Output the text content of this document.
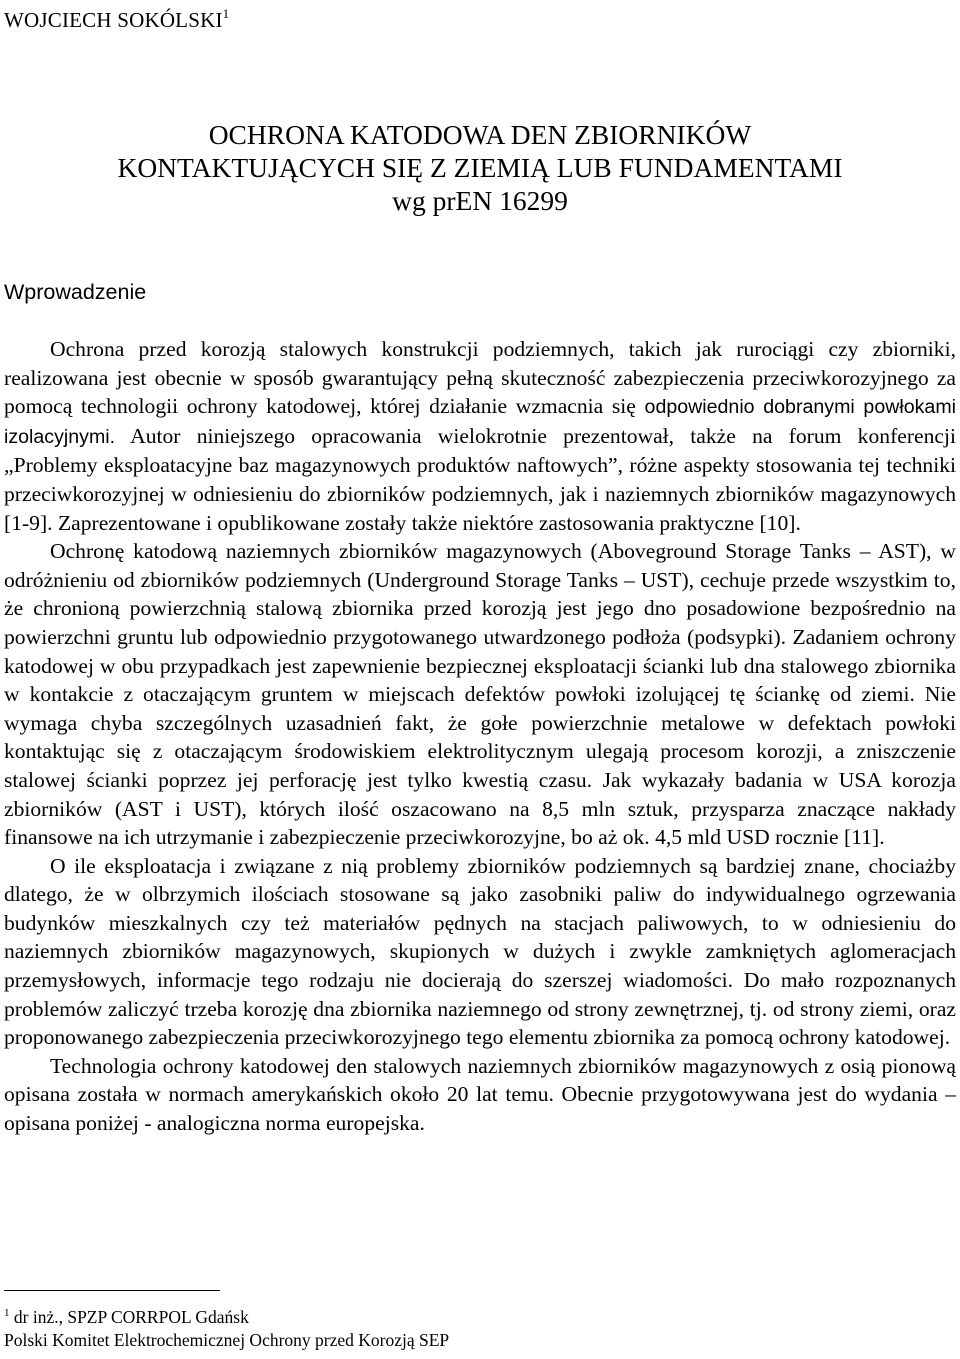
WOJCIECH SOKÓLSKI$^1$
OCHRONA KATODOWA DEN ZBIORNIKÓW
KONTAKTUJĄCYCH SIĘ Z ZIEMIĄ LUB FUNDAMENTAMI
wg prEN 16299
Wprowadzenie

Ochrona przed korozją stalowych konstrukcji podziemnych, takich jak rurociągi czy zbiorniki, realizowana jest obecnie w sposób gwarantujący pełną skuteczność zabezpieczenia przeciwkorozyjnego za pomocą technologii ochrony katodowej, której działanie wzmacnia się odpowiednio dobranymi powłokami izolacyjnymi. Autor niniejszego opracowania wielokrotnie prezentował, także na forum konferencji „Problemy eksploatacyjne baz magazynowych produktów naftowych”, różne aspekty stosowania tej techniki przeciwkorozyjnej w odniesieniu do zbiorników podziemnych, jak i naziemnych zbiorników magazynowych [1-9]. Zaprezentowane i opublikowane zostały także niektóre zastosowania praktyczne [10].

Ochronę katodową naziemnych zbiorników magazynowych (Aboveground Storage Tanks – AST), w odróżnieniu od zbiorników podziemnych (Underground Storage Tanks – UST), cechuje przede wszystkim to, że chronioną powierzchnią stalową zbiornika przed korozją jest jego dno posadowione bezpośrednio na powierzchni gruntu lub odpowiednio przygotowanego utwardzonego podłoża (podsypki). Zadaniem ochrony katodowej w obu przypadkach jest zapewnienie bezpiecznej eksploatacji ścianki lub dna stalowego zbiornika w kontakcie z otaczającym gruntem w miejscach defektów powłoki izolującej tę ściankę od ziemi. Nie wymaga chyba szczególnych uzasadnień fakt, że gołe powierzchnie metalowe w defektach powłoki kontaktując się z otaczającym środowiskiem elektrolitycznym ulegają procesom korozji, a zniszczenie stalowej ścianki poprzez jej perforację jest tylko kwestią czasu. Jak wykazały badania w USA korozja zbiorników (AST i UST), których ilość oszacowano na 8,5 mln sztuk, przysparza znaczące nakłady finansowe na ich utrzymanie i zabezpieczenie przeciwkorozyjne, bo aż ok. 4,5 mld USD rocznie [11].

O ile eksploatacja i związane z nią problemy zbiorników podziemnych są bardziej znane, chociażby dlatego, że w olbrzymich ilościach stosowane są jako zasobniki paliw do indywidualnego ogrzewania budynków mieszkalnych czy też materiałów pędnych na stacjach paliwowych, to w odniesieniu do naziemnych zbiorników magazynowych, skupionych w dużych i zwykle zamkniętych aglomeracjach przemysłowych, informacje tego rodzaju nie docierają do szerszej wiadomości. Do mało rozpoznanych problemów zaliczyć trzeba korozję dna zbiornika naziemnego od strony zewnętrznej, tj. od strony ziemi, oraz proponowanego zabezpieczenia przeciwkorozyjnego tego elementu zbiornika za pomocą ochrony katodowej.

Technologia ochrony katodowej den stalowych naziemnych zbiorników magazynowych z osią pionową opisana została w normach amerykańskich około 20 lat temu. Obecnie przygotowywana jest do wydania – opisana poniżej - analogiczna norma europejska.

$^1$ dr inż., SPZP CORRPOL Gdańsk
Polski Komitet Elektrochemicznej Ochrony przed Korozją SEP
